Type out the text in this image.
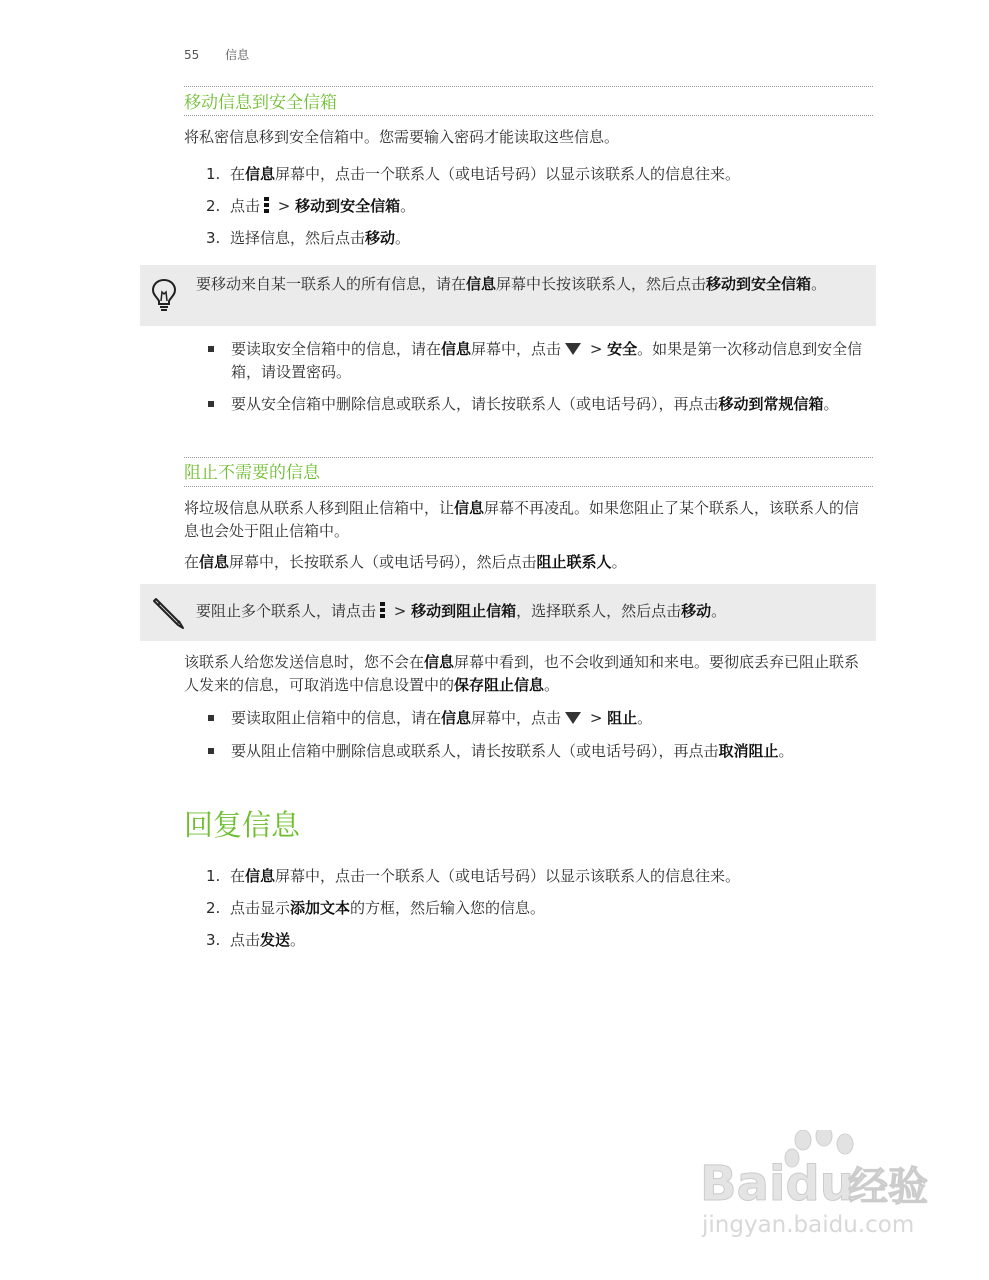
55 信息
移动信息到安全信箱
将私密信息移到安全信箱中。您需要输入密码才能读取这些信息。
1. 在信息屏幕中，点击一个联系人（或电话号码）以显示该联系人的信息往来。
2. 点击
> 移动到安全信箱。
3. 选择信息，然后点击移动。
要移动来自某一联系人的所有信息，请在信息屏幕中长按该联系人，然后点击移动到安全信箱。
要读取安全信箱中的信息，请在信息屏幕中，点击 > 安全。如果是第一次移动信息到安全信箱，请设置密码。
要从安全信箱中删除信息或联系人，请长按联系人（或电话号码），再点击移动到常规信箱。
阻止不需要的信息
将垃圾信息从联系人移到阻止信箱中，让信息屏幕不再凌乱。如果您阻止了某个联系人，该联系人的信息也会处于阻止信箱中。
在信息屏幕中，长按联系人（或电话号码），然后点击阻止联系人。
要阻止多个联系人，请点击
> 移动到阻止信箱，选择联系人，然后点击移动。
该联系人给您发送信息时，您不会在信息屏幕中看到，也不会收到通知和来电。要彻底丢弃已阻止联系人发来的信息，可取消选中信息设置中的保存阻止信息。
要读取阻止信箱中的信息，请在信息屏幕中，点击 > 阻止。
要从阻止信箱中删除信息或联系人，请长按联系人（或电话号码），再点击取消阻止。
回复信息
1. 在信息屏幕中，点击一个联系人（或电话号码）以显示该联系人的信息往来。
2. 点击显示添加文本的方框，然后输入您的信息。
3. 点击发送。
Baidu
经验
jingyan.baidu.com
